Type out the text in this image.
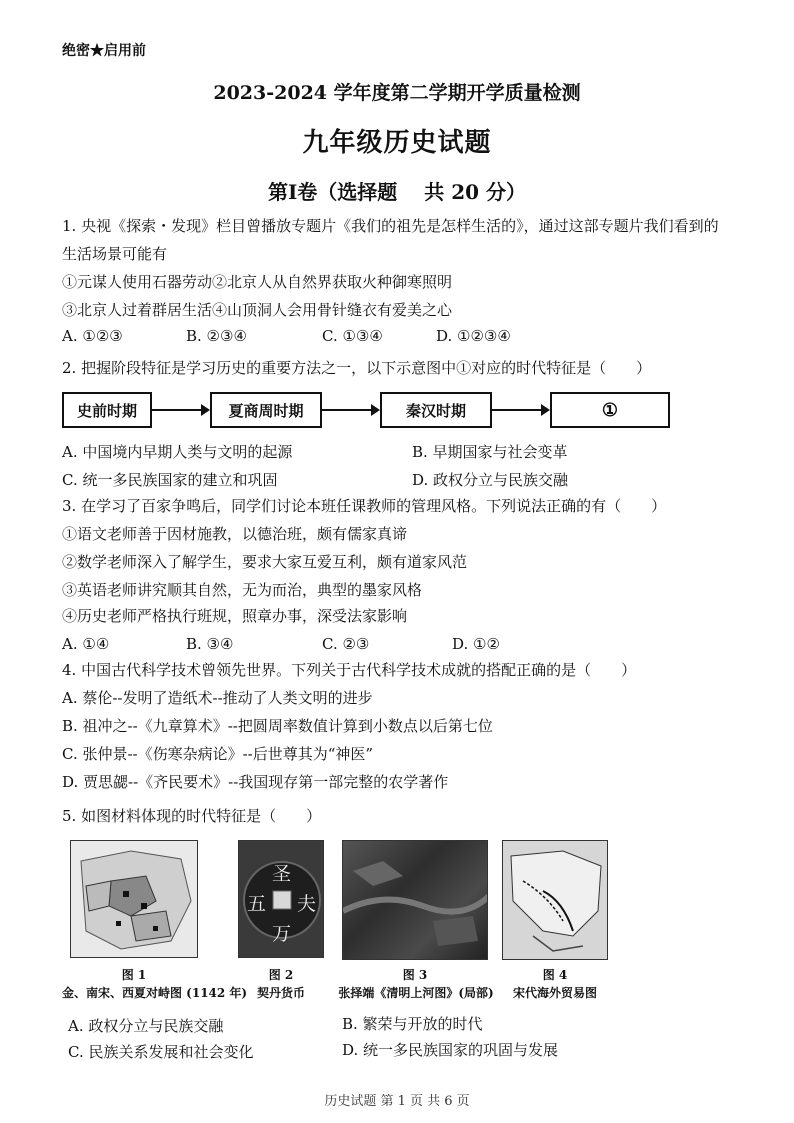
绝密★启用前
2023-2024 学年度第二学期开学质量检测
九年级历史试题
第Ⅰ卷（选择题　 共 20 分）
1. 央视《探索・发现》栏目曾播放专题片《我们的祖先是怎样生活的》，通过这部专题片我们看到的
生活场景可能有
①元谋人使用石器劳动②北京人从自然界获取火种御寒照明
③北京人过着群居生活④山顶洞人会用骨针缝衣有爱美之心
A. ①②③	B. ②③④	C. ①③④	D. ①②③④
2. 把握阶段特征是学习历史的重要方法之一，以下示意图中①对应的时代特征是（　　）
史前时期	夏商周时期	秦汉时期	①
A. 中国境内早期人类与文明的起源	B. 早期国家与社会变革
C. 统一多民族国家的建立和巩固	D. 政权分立与民族交融
3. 在学习了百家争鸣后，同学们讨论本班任课教师的管理风格。下列说法正确的有（　　）
①语文老师善于因材施教，以德治班，颇有儒家真谛
②数学老师深入了解学生，要求大家互爱互利，颇有道家风范
③英语老师讲究顺其自然，无为而治，典型的墨家风格
④历史老师严格执行班规，照章办事，深受法家影响
A. ①④	B. ③④	C. ②③	D. ①②
4. 中国古代科学技术曾领先世界。下列关于古代科学技术成就的搭配正确的是（　　）
A. 蔡伦--发明了造纸术--推动了人类文明的进步
B. 祖冲之--《九章算术》--把圆周率数值计算到小数点以后第七位
C. 张仲景--《伤寒杂病论》--后世尊其为“神医”
D. 贾思勰--《齐民要术》--我国现存第一部完整的农学著作
5. 如图材料体现的时代特征是（　　）
圣
夫
五
万
图 1
金、南宋、西夏对峙图 (1142 年)
图 2
契丹货币
图 3
张择端《清明上河图》(局部)
图 4
宋代海外贸易图
A. 政权分立与民族交融	B. 繁荣与开放的时代
C. 民族关系发展和社会变化	D. 统一多民族国家的巩固与发展
历史试题 第 1 页 共 6 页
